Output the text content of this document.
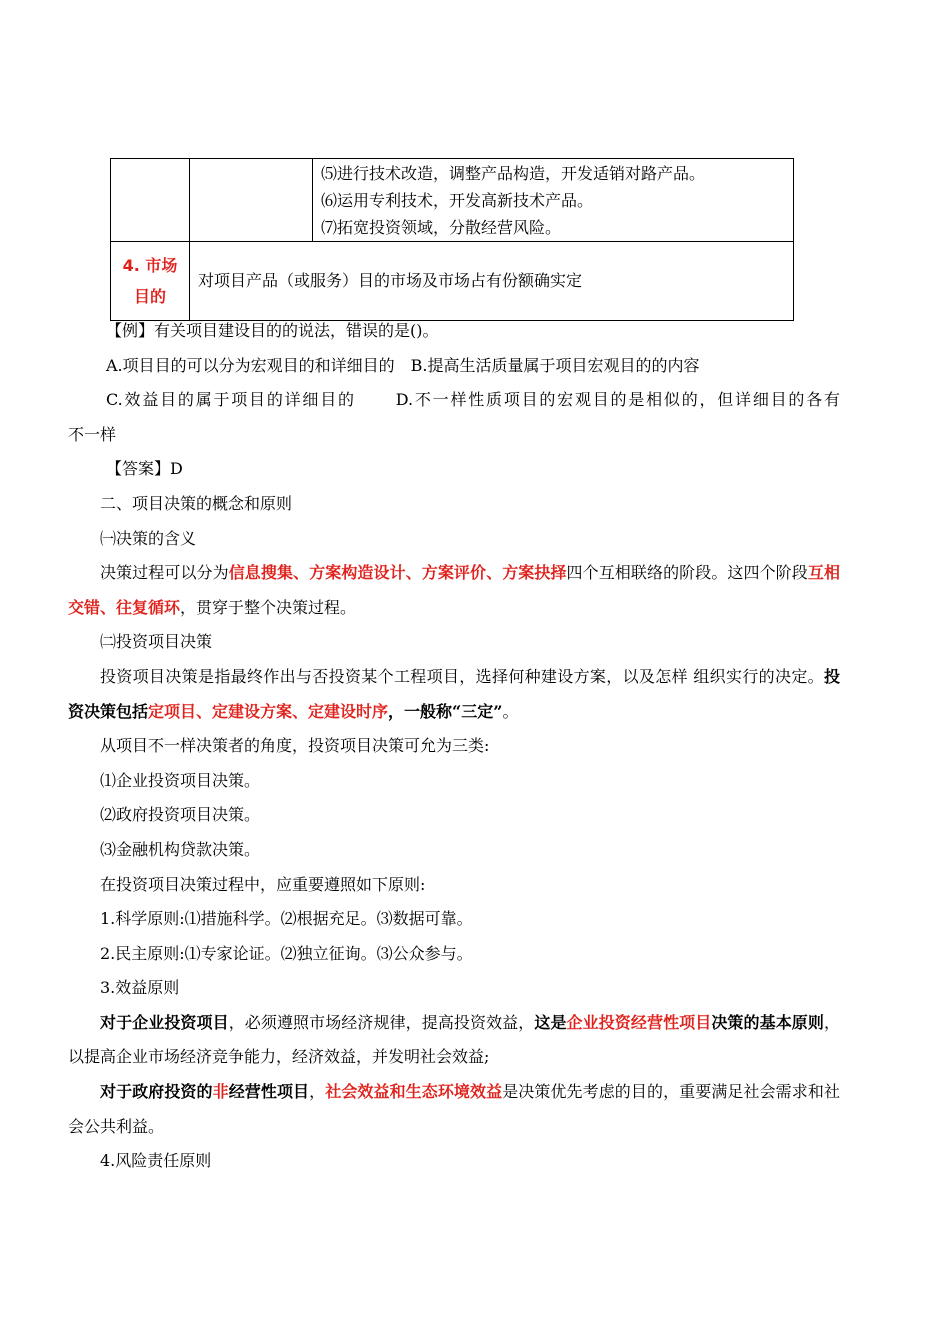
		⑸进行技术改造，调整产品构造，开发适销对路产品。
⑹运用专利技术，开发高新技术产品。
⑺拓宽投资领域，分散经营风险。

4. 市场目的	对项目产品（或服务）目的市场及市场占有份额确实定	

【例】有关项目建设目的的说法，错误的是()。

A.项目目的可以分为宏观目的和详细目的 B.提高生活质量属于项目宏观目的的内容

C.效益目的属于项目的详细目的	D.不一样性质项目的宏观目的是相似的，但详细目的各有

不一样

【答案】D

二、项目决策的概念和原则

㈠决策的含义

决策过程可以分为信息搜集、方案构造设计、方案评价、方案抉择四个互相联络的阶段。这四个阶段互相交错、往复循环，贯穿于整个决策过程。

㈡投资项目决策

投资项目决策是指最终作出与否投资某个工程项目，选择何种建设方案，以及怎样 组织实行的决定。投资决策包括定项目、定建设方案、定建设时序，一般称“三定”。

从项目不一样决策者的角度，投资项目决策可允为三类:

⑴企业投资项目决策。

⑵政府投资项目决策。

⑶金融机构贷款决策。

在投资项目决策过程中，应重要遵照如下原则:

1.科学原则:⑴措施科学。⑵根据充足。⑶数据可靠。

2.民主原则:⑴专家论证。⑵独立征询。⑶公众参与。

3.效益原则

对于企业投资项目，必须遵照市场经济规律，提高投资效益，这是企业投资经营性项目决策的基本原则，以提高企业市场经济竞争能力，经济效益，并发明社会效益;

对于政府投资的非经营性项目，社会效益和生态环境效益是决策优先考虑的目的，重要满足社会需求和社会公共利益。

4.风险责任原则
